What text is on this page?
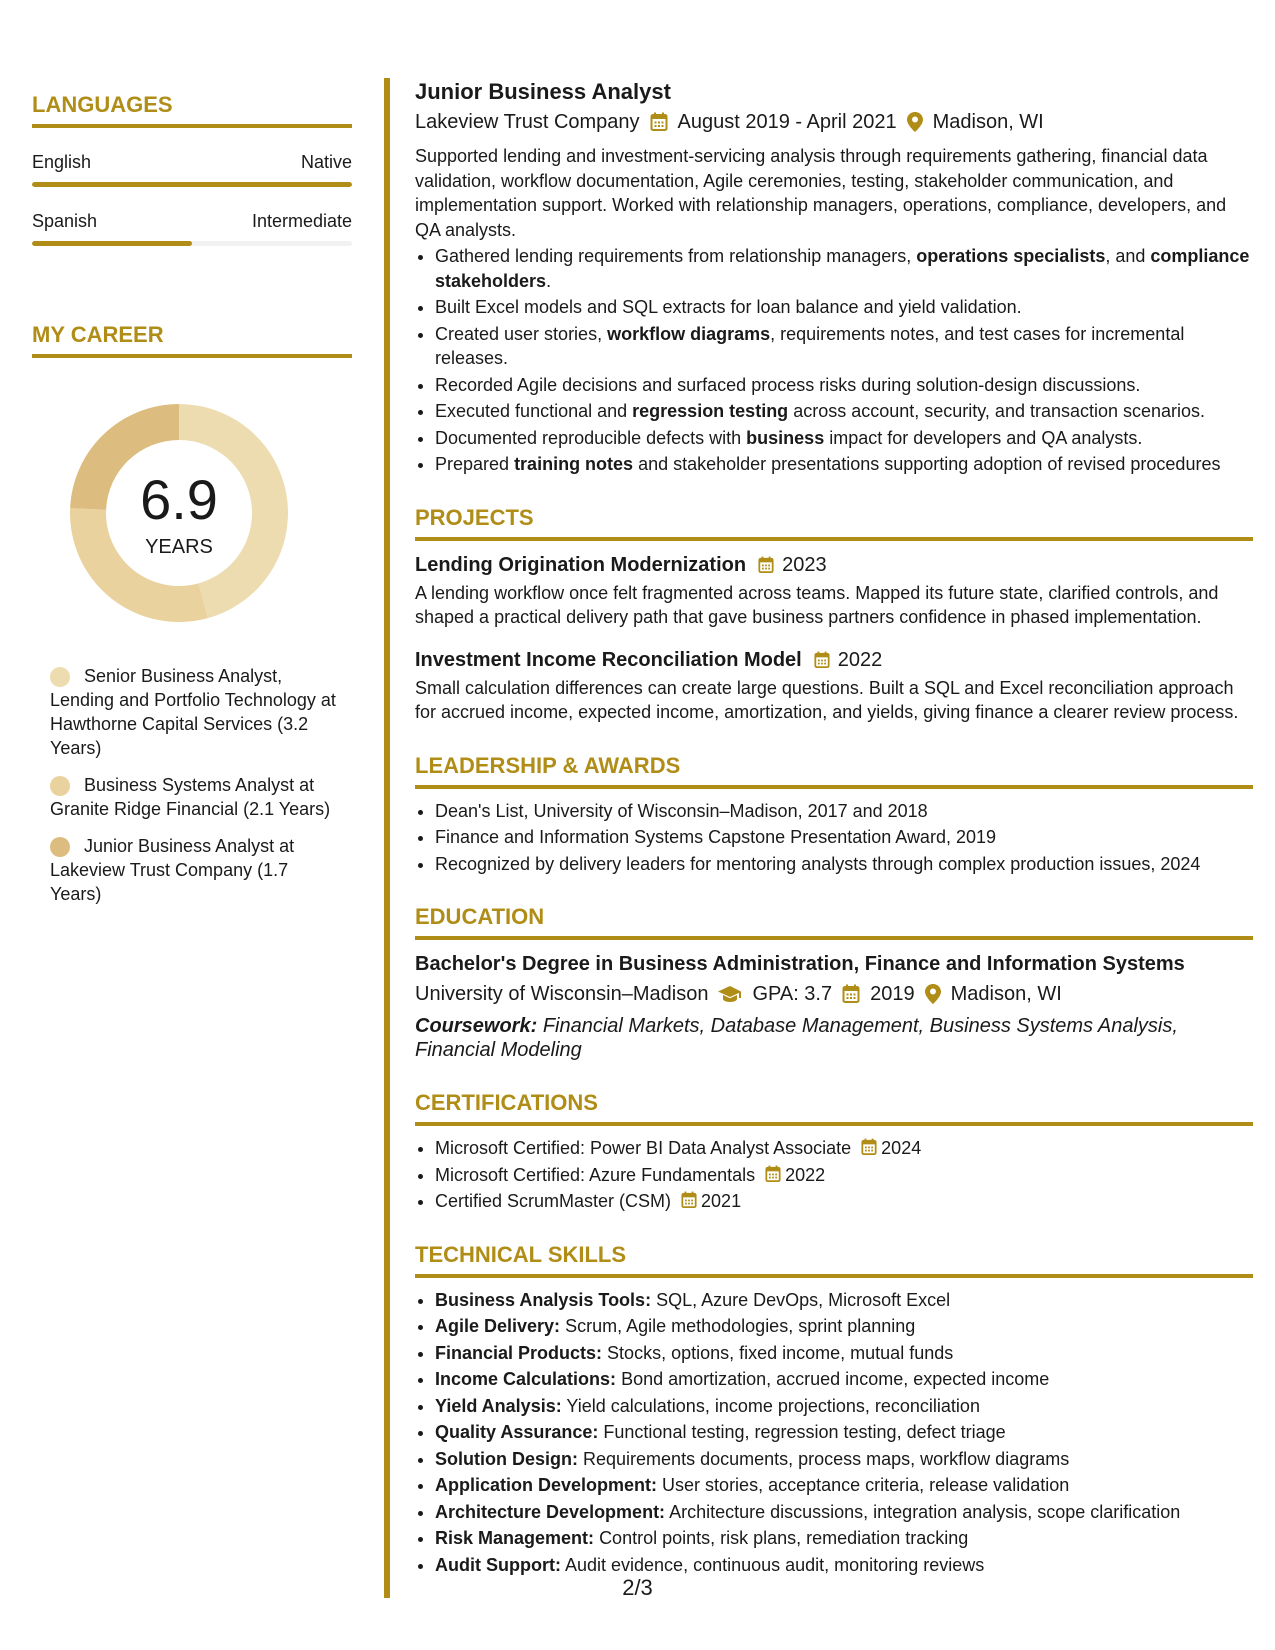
LANGUAGES
English	Native
Spanish	Intermediate
MY CAREER
6.9
YEARS
Senior Business Analyst, Lending and Portfolio Technology at Hawthorne Capital Services (3.2 Years)
Business Systems Analyst at Granite Ridge Financial (2.1 Years)
Junior Business Analyst at Lakeview Trust Company (1.7 Years)
Junior Business Analyst
Lakeview Trust Company August 2019 - April 2021 Madison, WI
Supported lending and investment-servicing analysis through requirements gathering, financial data validation, workflow documentation, Agile ceremonies, testing, stakeholder communication, and implementation support. Worked with relationship managers, operations, compliance, developers, and QA analysts.
• Gathered lending requirements from relationship managers, operations specialists, and compliance stakeholders.
• Built Excel models and SQL extracts for loan balance and yield validation.
• Created user stories, workflow diagrams, requirements notes, and test cases for incremental releases.
• Recorded Agile decisions and surfaced process risks during solution-design discussions.
• Executed functional and regression testing across account, security, and transaction scenarios.
• Documented reproducible defects with business impact for developers and QA analysts.
• Prepared training notes and stakeholder presentations supporting adoption of revised procedures
PROJECTS
Lending Origination Modernization 2023
A lending workflow once felt fragmented across teams. Mapped its future state, clarified controls, and shaped a practical delivery path that gave business partners confidence in phased implementation.
Investment Income Reconciliation Model 2022
Small calculation differences can create large questions. Built a SQL and Excel reconciliation approach for accrued income, expected income, amortization, and yields, giving finance a clearer review process.
LEADERSHIP & AWARDS
• Dean's List, University of Wisconsin–Madison, 2017 and 2018
• Finance and Information Systems Capstone Presentation Award, 2019
• Recognized by delivery leaders for mentoring analysts through complex production issues, 2024
EDUCATION
Bachelor's Degree in Business Administration, Finance and Information Systems
University of Wisconsin–Madison GPA: 3.7 2019 Madison, WI
Coursework: Financial Markets, Database Management, Business Systems Analysis, Financial Modeling
CERTIFICATIONS
• Microsoft Certified: Power BI Data Analyst Associate 2024
• Microsoft Certified: Azure Fundamentals 2022
• Certified ScrumMaster (CSM) 2021
TECHNICAL SKILLS
• Business Analysis Tools: SQL, Azure DevOps, Microsoft Excel
• Agile Delivery: Scrum, Agile methodologies, sprint planning
• Financial Products: Stocks, options, fixed income, mutual funds
• Income Calculations: Bond amortization, accrued income, expected income
• Yield Analysis: Yield calculations, income projections, reconciliation
• Quality Assurance: Functional testing, regression testing, defect triage
• Solution Design: Requirements documents, process maps, workflow diagrams
• Application Development: User stories, acceptance criteria, release validation
• Architecture Development: Architecture discussions, integration analysis, scope clarification
• Risk Management: Control points, risk plans, remediation tracking
• Audit Support: Audit evidence, continuous audit, monitoring reviews
2/3
